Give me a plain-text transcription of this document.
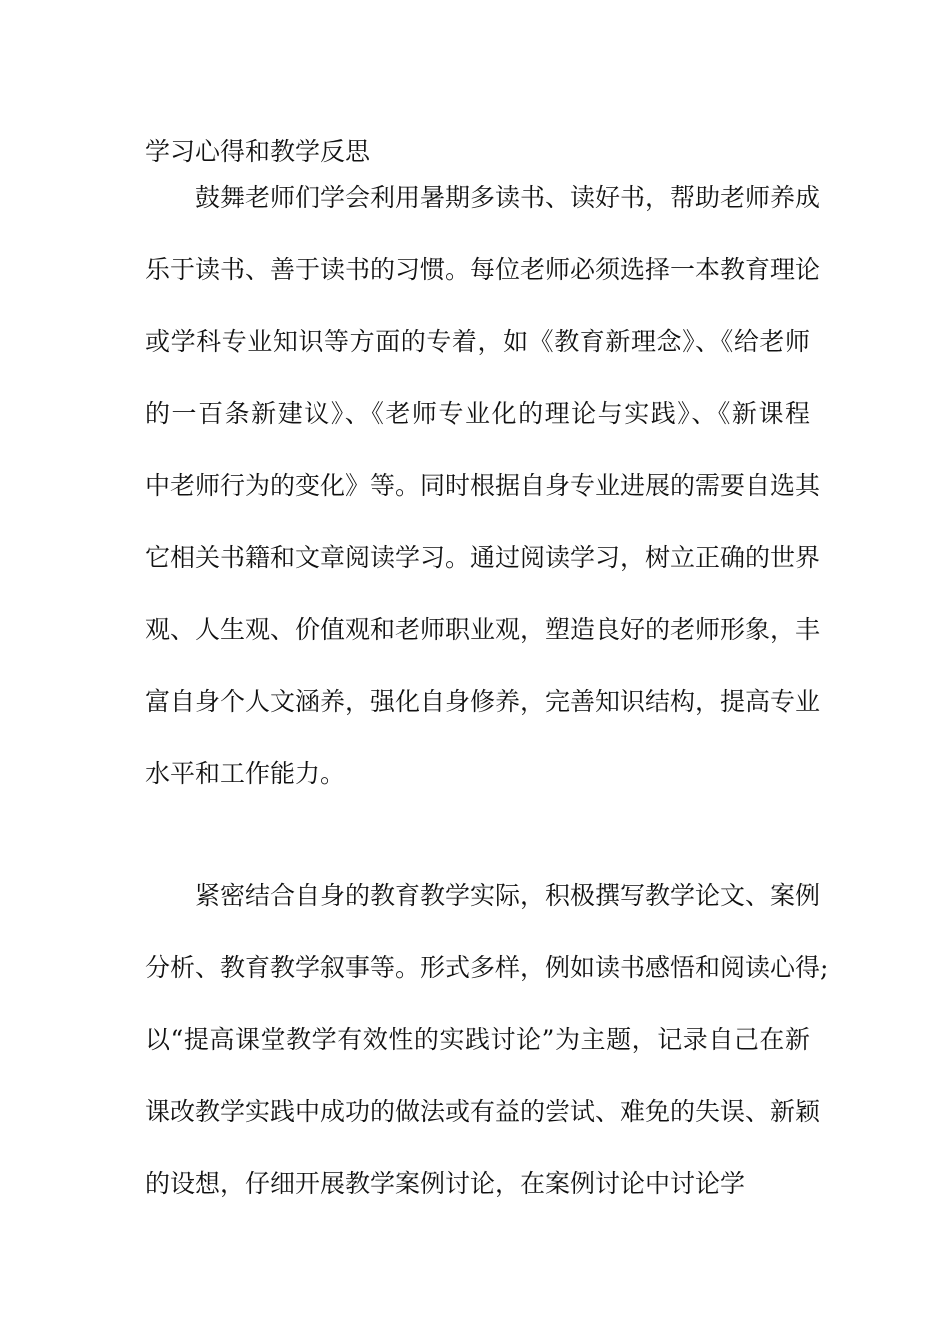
学习心得和教学反思
鼓舞老师们学会利用暑期多读书、读好书，帮助老师养成
乐于读书、善于读书的习惯。每位老师必须选择一本教育理论
或学科专业知识等方面的专着，如《教育新理念》、《给老师
的一百条新建议》、《老师专业化的理论与实践》、《新课程
中老师行为的变化》等。同时根据自身专业进展的需要自选其
它相关书籍和文章阅读学习。通过阅读学习，树立正确的世界
观、人生观、价值观和老师职业观，塑造良好的老师形象，丰
富自身个人文涵养，强化自身修养，完善知识结构，提高专业
水平和工作能力。
紧密结合自身的教育教学实际，积极撰写教学论文、案例
分析、教育教学叙事等。形式多样，例如读书感悟和阅读心得;
以“提高课堂教学有效性的实践讨论”为主题，记录自己在新
课改教学实践中成功的做法或有益的尝试、难免的失误、新颖
的设想，仔细开展教学案例讨论，在案例讨论中讨论学
